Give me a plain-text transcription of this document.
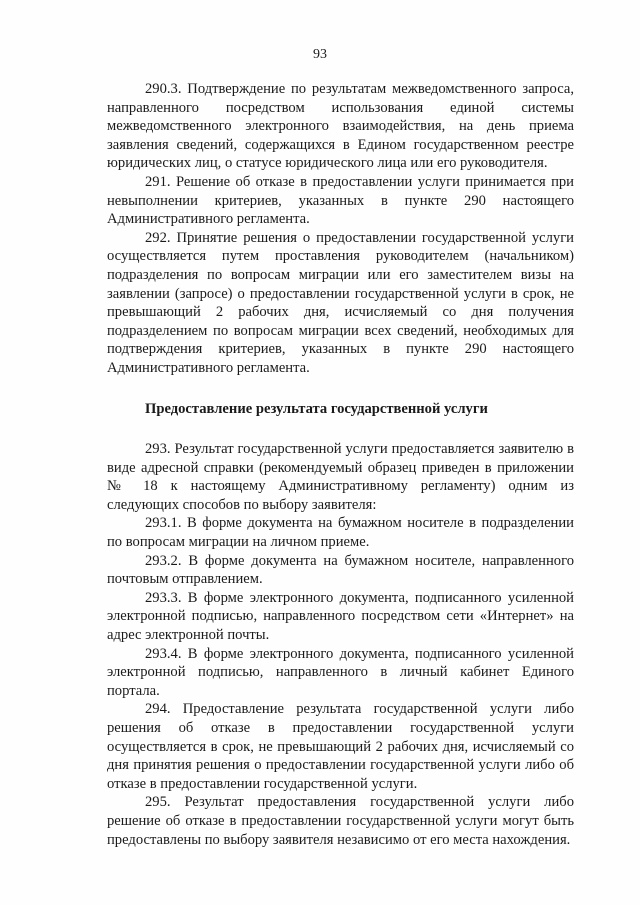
93

290.3. Подтверждение по результатам межведомственного запроса, направленного посредством использования единой системы межведомственного электронного взаимодействия, на день приема заявления сведений, содержащихся в Едином государственном реестре юридических лиц, о статусе юридического лица или его руководителя.

291. Решение об отказе в предоставлении услуги принимается при невыполнении критериев, указанных в пункте 290 настоящего Административного регламента.

292. Принятие решения о предоставлении государственной услуги осуществляется путем проставления руководителем (начальником) подразделения по вопросам миграции или его заместителем визы на заявлении (запросе) о предоставлении государственной услуги в срок, не превышающий 2 рабочих дня, исчисляемый со дня получения подразделением по вопросам миграции всех сведений, необходимых для подтверждения критериев, указанных в пункте 290 настоящего Административного регламента.

Предоставление результата государственной услуги

293. Результат государственной услуги предоставляется заявителю в виде адресной справки (рекомендуемый образец приведен в приложении № 18 к настоящему Административному регламенту) одним из следующих способов по выбору заявителя:

293.1. В форме документа на бумажном носителе в подразделении по вопросам миграции на личном приеме.

293.2. В форме документа на бумажном носителе, направленного почтовым отправлением.

293.3. В форме электронного документа, подписанного усиленной электронной подписью, направленного посредством сети «Интернет» на адрес электронной почты.

293.4. В форме электронного документа, подписанного усиленной электронной подписью, направленного в личный кабинет Единого портала.

294. Предоставление результата государственной услуги либо решения об отказе в предоставлении государственной услуги осуществляется в срок, не превышающий 2 рабочих дня, исчисляемый со дня принятия решения о предоставлении государственной услуги либо об отказе в предоставлении государственной услуги.

295. Результат предоставления государственной услуги либо решение об отказе в предоставлении государственной услуги могут быть предоставлены по выбору заявителя независимо от его места нахождения.
